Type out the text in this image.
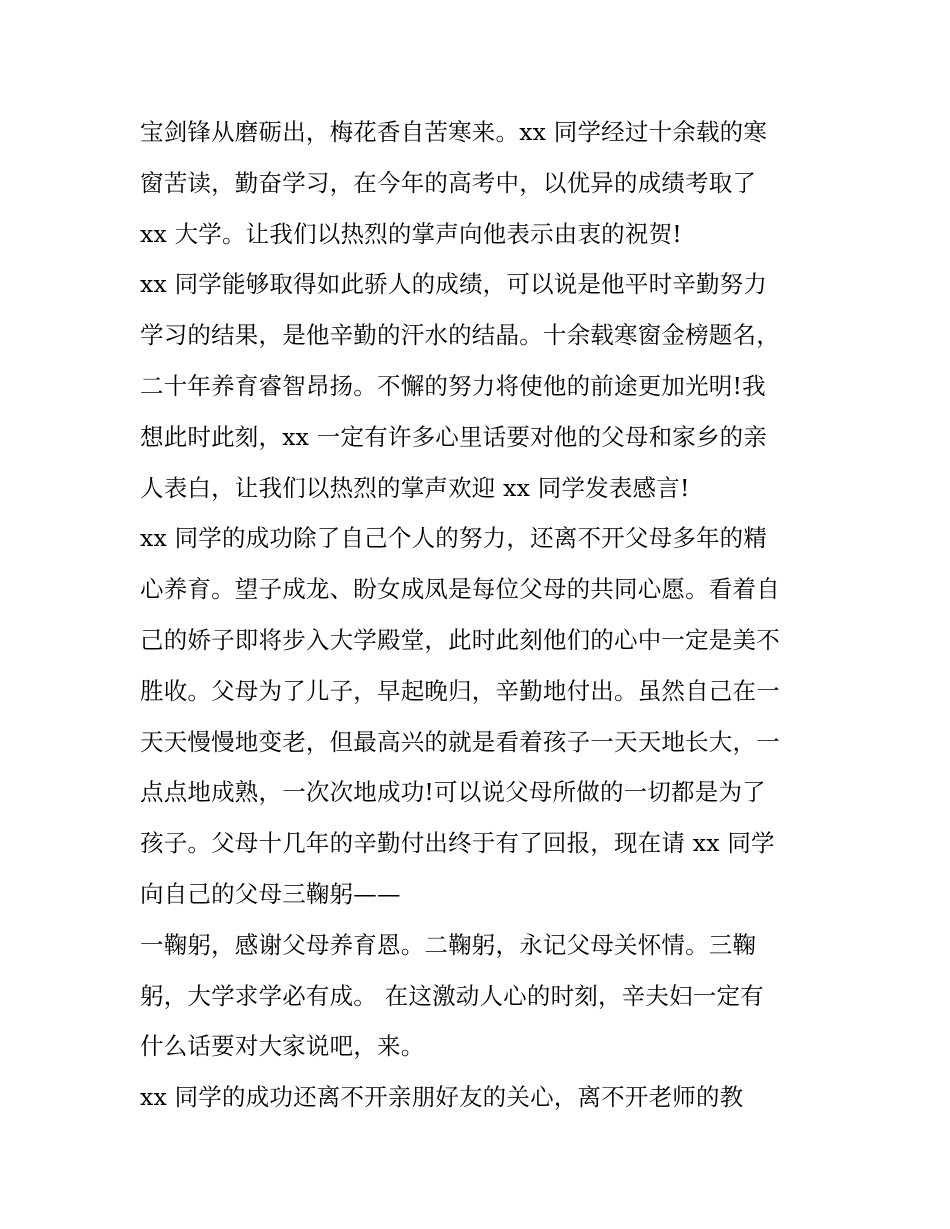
宝剑锋从磨砺出，梅花香自苦寒来。xx 同学经过十余载的寒
窗苦读，勤奋学习，在今年的高考中，以优异的成绩考取了
xx 大学。让我们以热烈的掌声向他表示由衷的祝贺!
xx 同学能够取得如此骄人的成绩，可以说是他平时辛勤努力
学习的结果，是他辛勤的汗水的结晶。十余载寒窗金榜题名，
二十年养育睿智昂扬。不懈的努力将使他的前途更加光明!我
想此时此刻，xx 一定有许多心里话要对他的父母和家乡的亲
人表白，让我们以热烈的掌声欢迎 xx 同学发表感言!
xx 同学的成功除了自己个人的努力，还离不开父母多年的精
心养育。望子成龙、盼女成凤是每位父母的共同心愿。看着自
己的娇子即将步入大学殿堂，此时此刻他们的心中一定是美不
胜收。父母为了儿子，早起晚归，辛勤地付出。虽然自己在一
天天慢慢地变老，但最高兴的就是看着孩子一天天地长大，一
点点地成熟，一次次地成功!可以说父母所做的一切都是为了
孩子。父母十几年的辛勤付出终于有了回报，现在请 xx 同学
向自己的父母三鞠躬——
一鞠躬，感谢父母养育恩。二鞠躬，永记父母关怀情。三鞠
躬，大学求学必有成。 在这激动人心的时刻，辛夫妇一定有
什么话要对大家说吧，来。
xx 同学的成功还离不开亲朋好友的关心，离不开老师的教
